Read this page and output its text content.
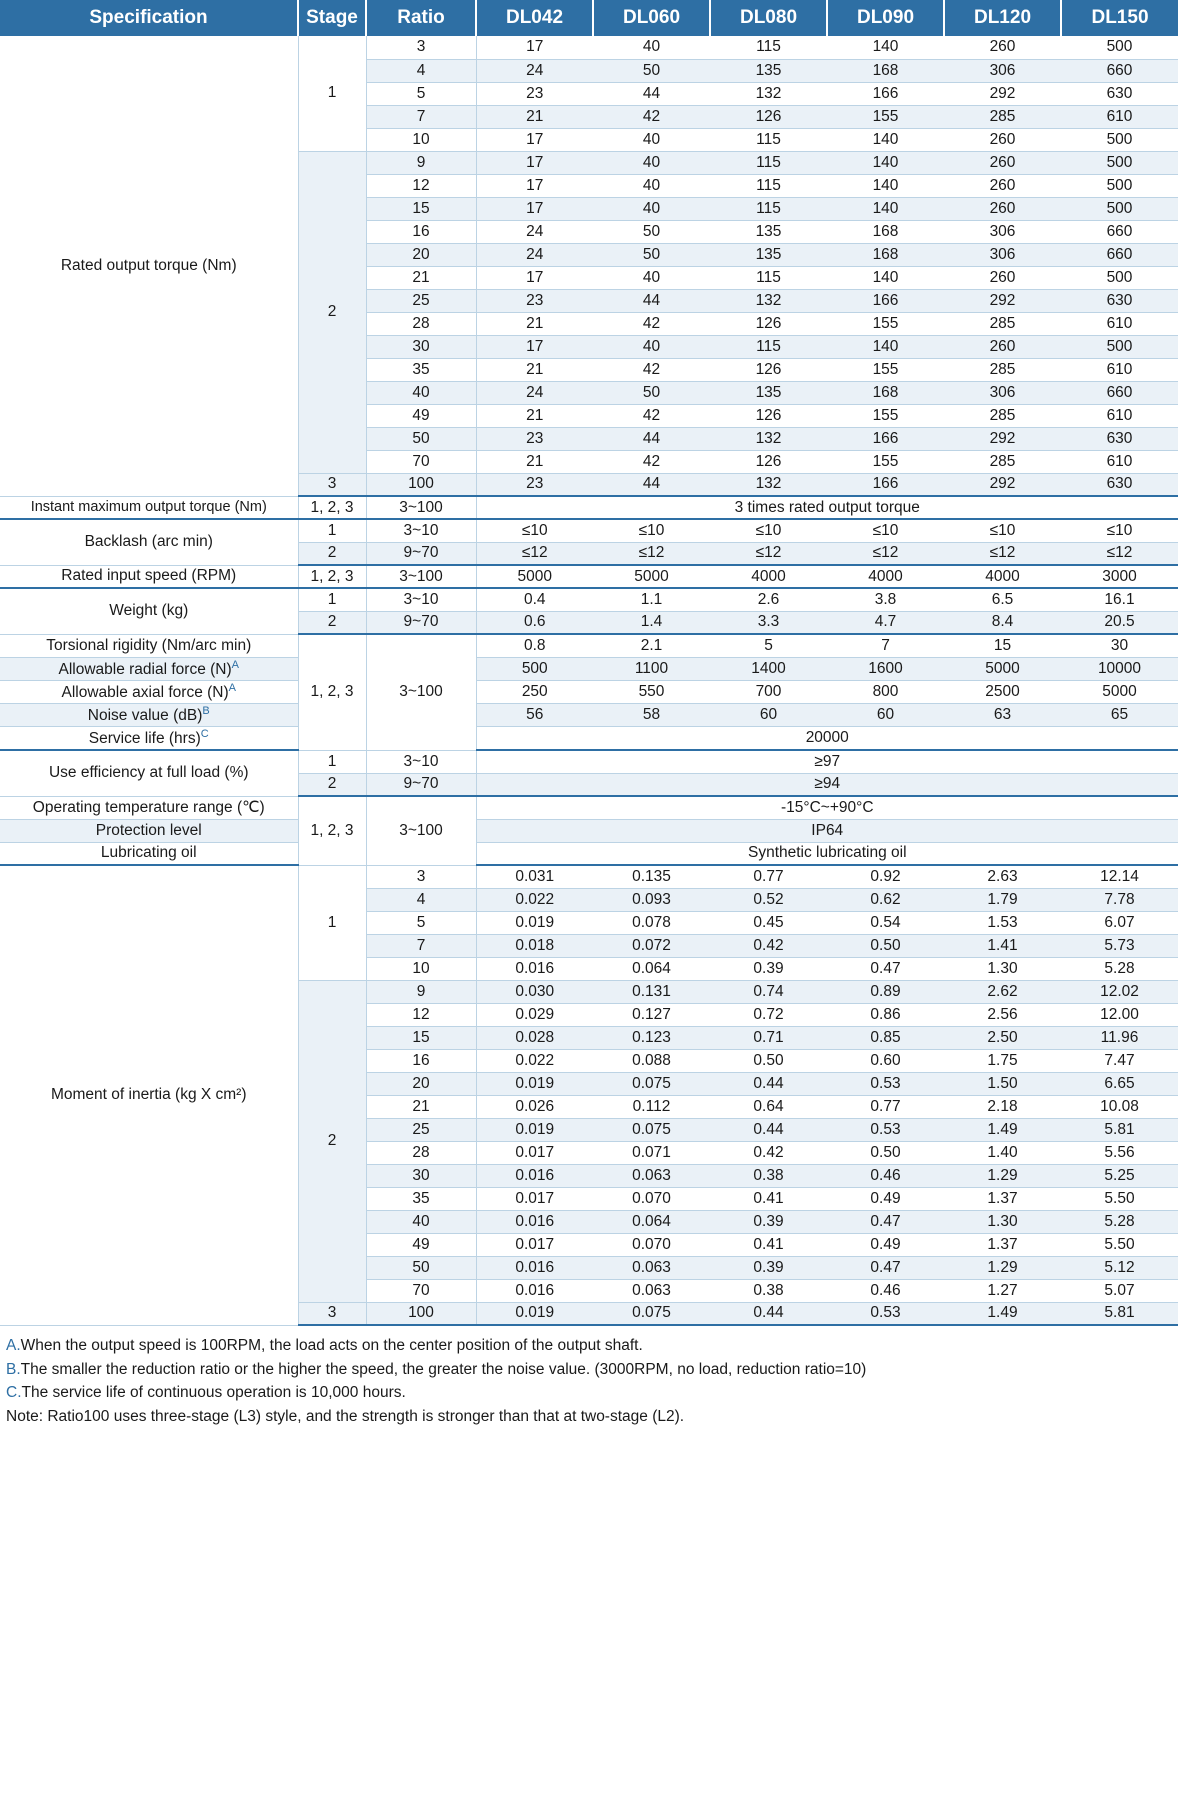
Specification	Stage	Ratio	DL042	DL060	DL080	DL090	DL120	DL150
Rated output torque (Nm)	1	3	17	40	115	140	260	500
		4	24	50	135	168	306	660
		5	23	44	132	166	292	630
		7	21	42	126	155	285	610
		10	17	40	115	140	260	500
	2	9	17	40	115	140	260	500
		12	17	40	115	140	260	500
		15	17	40	115	140	260	500
		16	24	50	135	168	306	660
		20	24	50	135	168	306	660
		21	17	40	115	140	260	500
		25	23	44	132	166	292	630
		28	21	42	126	155	285	610
		30	17	40	115	140	260	500
		35	21	42	126	155	285	610
		40	24	50	135	168	306	660
		49	21	42	126	155	285	610
		50	23	44	132	166	292	630
		70	21	42	126	155	285	610
	3	100	23	44	132	166	292	630
Instant maximum output torque (Nm)	1, 2, 3	3~100	3 times rated output torque					
Backlash (arc min)	1	3~10	≤10	≤10	≤10	≤10	≤10	≤10
	2	9~70	≤12	≤12	≤12	≤12	≤12	≤12
Rated input speed (RPM)	1, 2, 3	3~100	5000	5000	4000	4000	4000	3000
Weight (kg)	1	3~10	0.4	1.1	2.6	3.8	6.5	16.1
	2	9~70	0.6	1.4	3.3	4.7	8.4	20.5
Torsional rigidity (Nm/arc min)	1, 2, 3	3~100	0.8	2.1	5	7	15	30
Allowable radial force (N)$^A$			500	1100	1400	1600	5000	10000
Allowable axial force (N)$^A$			250	550	700	800	2500	5000
Noise value (dB)$^B$			56	58	60	60	63	65
Service life (hrs)$^C$			20000					
Use efficiency at full load (%)	1	3~10	≥97					
	2	9~70	≥94					
Operating temperature range (℃)	1, 2, 3	3~100	-15°C~+90°C					
Protection level			IP64					
Lubricating oil			Synthetic lubricating oil					
Moment of inertia (kg X cm²)	1	3	0.031	0.135	0.77	0.92	2.63	12.14
		4	0.022	0.093	0.52	0.62	1.79	7.78
		5	0.019	0.078	0.45	0.54	1.53	6.07
		7	0.018	0.072	0.42	0.50	1.41	5.73
		10	0.016	0.064	0.39	0.47	1.30	5.28
	2	9	0.030	0.131	0.74	0.89	2.62	12.02
		12	0.029	0.127	0.72	0.86	2.56	12.00
		15	0.028	0.123	0.71	0.85	2.50	11.96
		16	0.022	0.088	0.50	0.60	1.75	7.47
		20	0.019	0.075	0.44	0.53	1.50	6.65
		21	0.026	0.112	0.64	0.77	2.18	10.08
		25	0.019	0.075	0.44	0.53	1.49	5.81
		28	0.017	0.071	0.42	0.50	1.40	5.56
		30	0.016	0.063	0.38	0.46	1.29	5.25
		35	0.017	0.070	0.41	0.49	1.37	5.50
		40	0.016	0.064	0.39	0.47	1.30	5.28
		49	0.017	0.070	0.41	0.49	1.37	5.50
		50	0.016	0.063	0.39	0.47	1.29	5.12
		70	0.016	0.063	0.38	0.46	1.27	5.07
	3	100	0.019	0.075	0.44	0.53	1.49	5.81
A.When the output speed is 100RPM, the load acts on the center position of the output shaft.
B.The smaller the reduction ratio or the higher the speed, the greater the noise value. (3000RPM, no load, reduction ratio=10)
C.The service life of continuous operation is 10,000 hours.
Note: Ratio100 uses three-stage (L3) style, and the strength is stronger than that at two-stage (L2).
